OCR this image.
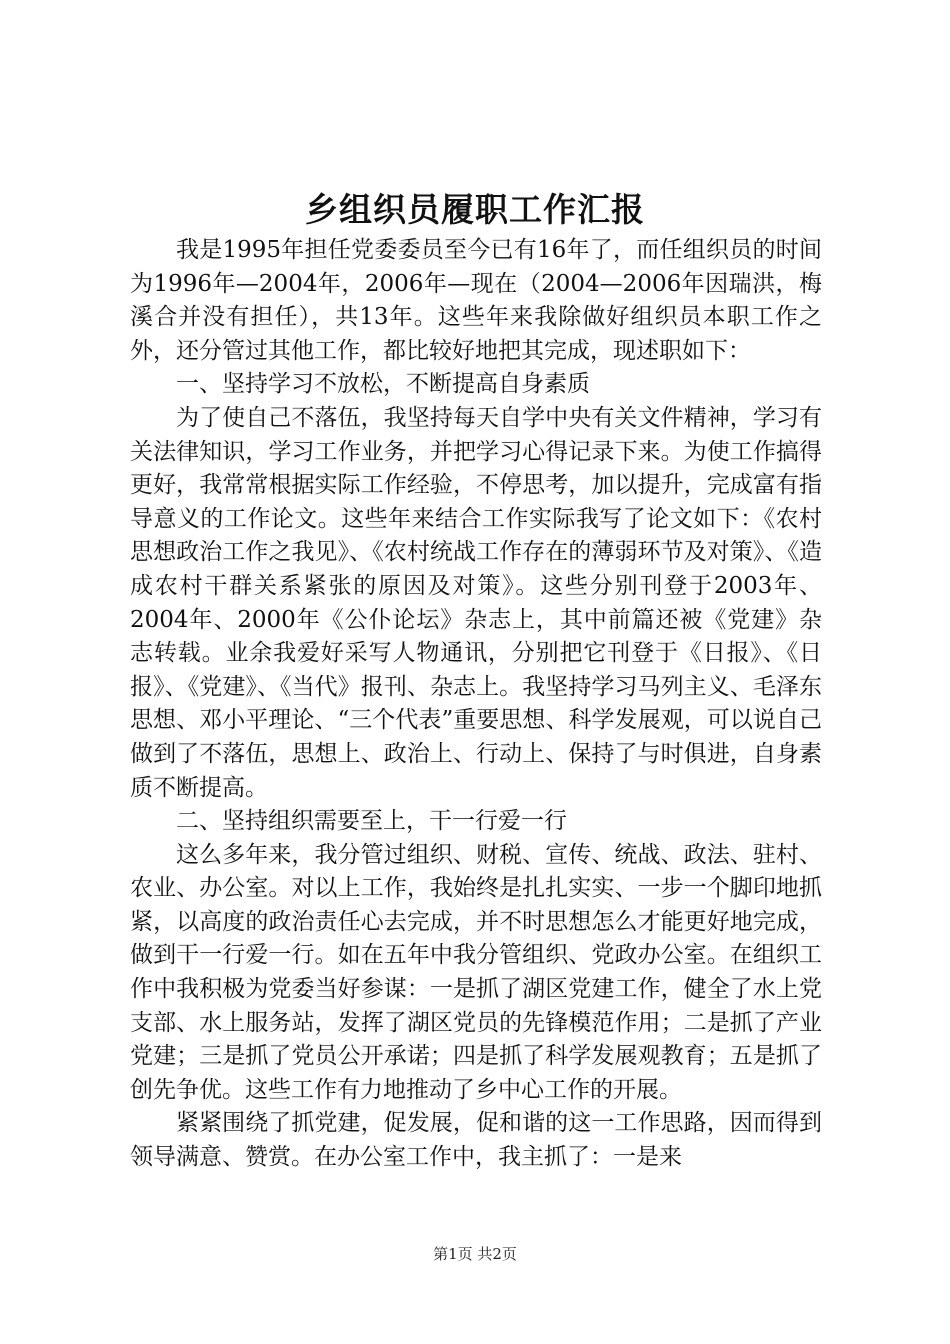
乡组织员履职工作汇报

我是1995年担任党委委员至今已有16年了，而任组织员的时间为1996年—2004年，2006年—现在（2004—2006年因瑞洪，梅溪合并没有担任），共13年。这些年来我除做好组织员本职工作之外，还分管过其他工作，都比较好地把其完成，现述职如下：

一、坚持学习不放松，不断提高自身素质

为了使自己不落伍，我坚持每天自学中央有关文件精神，学习有关法律知识，学习工作业务，并把学习心得记录下来。为使工作搞得更好，我常常根据实际工作经验，不停思考，加以提升，完成富有指导意义的工作论文。这些年来结合工作实际我写了论文如下：《农村思想政治工作之我见》、《农村统战工作存在的薄弱环节及对策》、《造成农村干群关系紧张的原因及对策》。这些分别刊登于2003年、2004年、2000年《公仆论坛》杂志上，其中前篇还被《党建》杂志转载。业余我爱好采写人物通讯，分别把它刊登于《日报》、《日报》、《党建》、《当代》报刊、杂志上。我坚持学习马列主义、毛泽东思想、邓小平理论、“三个代表”重要思想、科学发展观，可以说自己做到了不落伍，思想上、政治上、行动上、保持了与时俱进，自身素质不断提高。

二、坚持组织需要至上，干一行爱一行

这么多年来，我分管过组织、财税、宣传、统战、政法、驻村、农业、办公室。对以上工作，我始终是扎扎实实、一步一个脚印地抓紧，以高度的政治责任心去完成，并不时思想怎么才能更好地完成，做到干一行爱一行。如在五年中我分管组织、党政办公室。在组织工作中我积极为党委当好参谋：一是抓了湖区党建工作，健全了水上党支部、水上服务站，发挥了湖区党员的先锋模范作用；二是抓了产业党建；三是抓了党员公开承诺；四是抓了科学发展观教育；五是抓了创先争优。这些工作有力地推动了乡中心工作的开展。

紧紧围绕了抓党建，促发展，促和谐的这一工作思路，因而得到领导满意、赞赏。在办公室工作中，我主抓了：一是来

第1页 共2页
